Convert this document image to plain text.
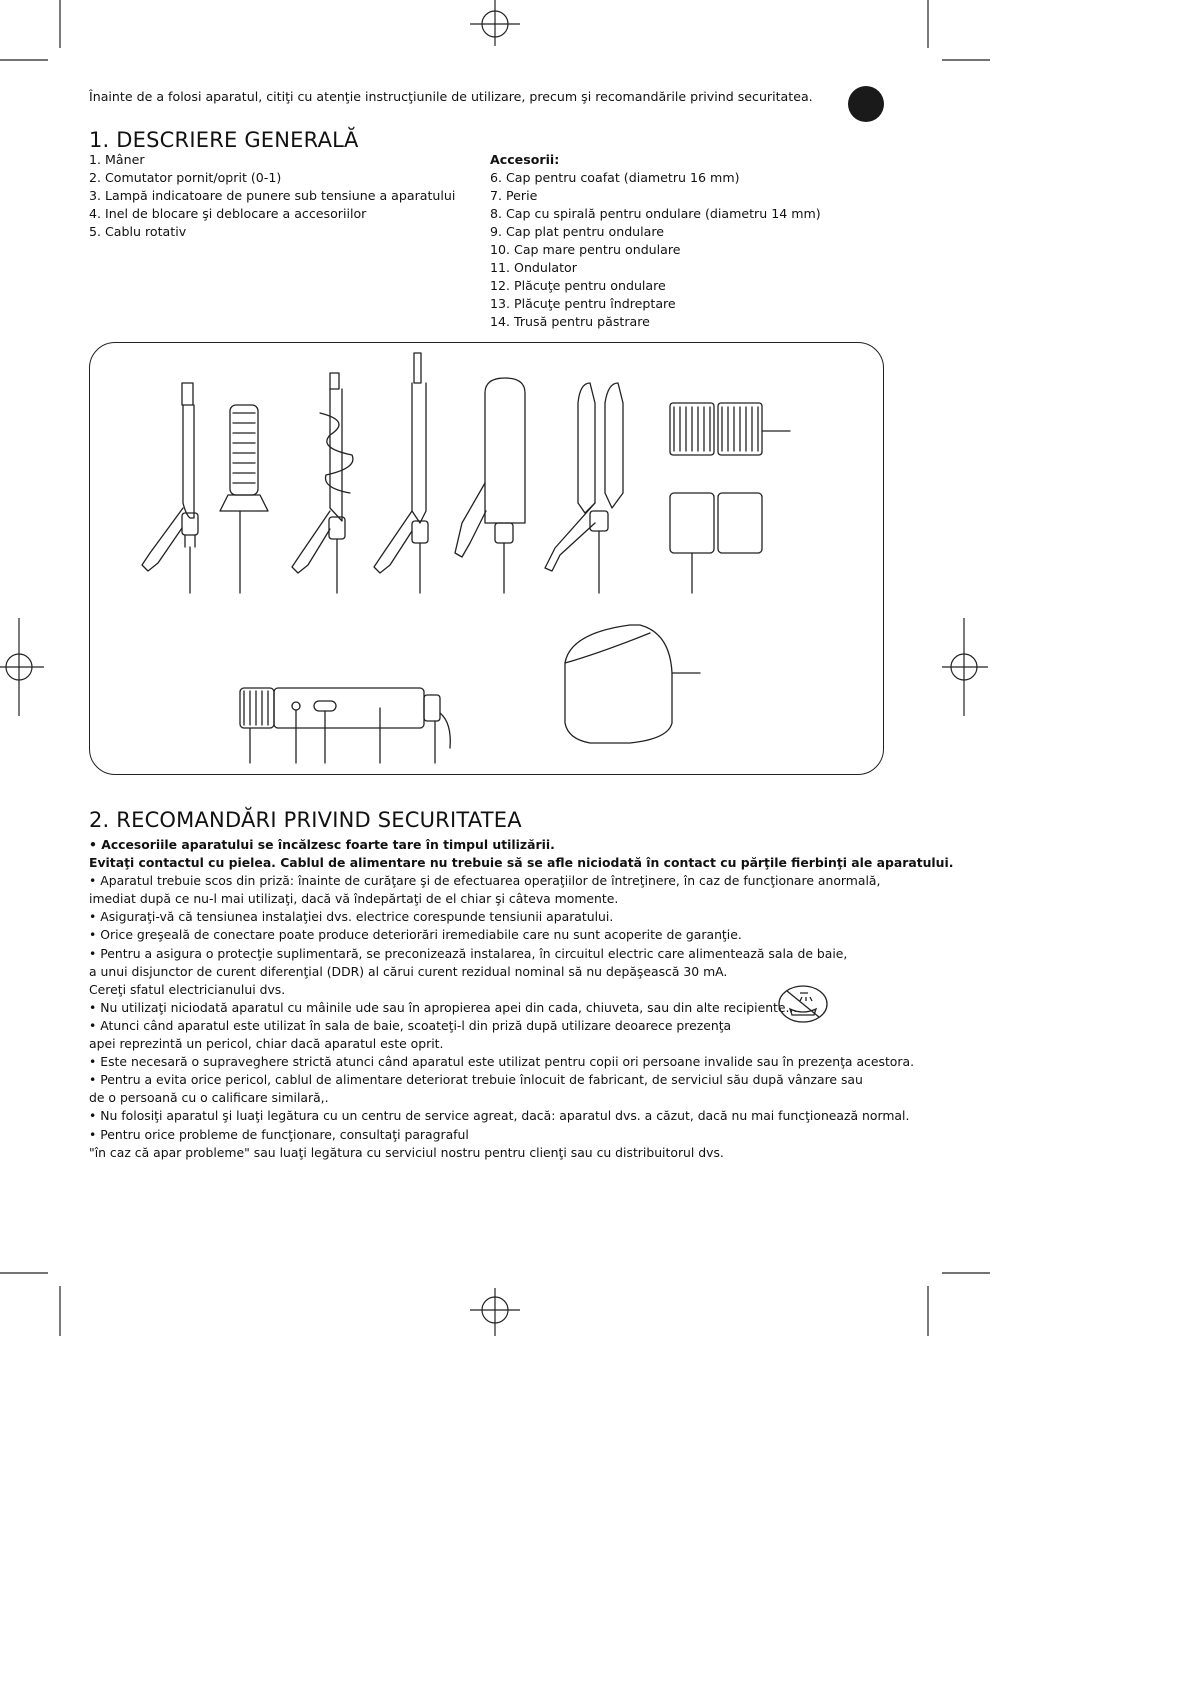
Înainte de a folosi aparatul, citiţi cu atenţie instrucţiunile de utilizare, precum şi recomandările privind securitatea.
1. DESCRIERE GENERALĂ
1. Mâner
2. Comutator pornit/oprit (0-1)
3. Lampă indicatoare de punere sub tensiune a aparatului
4. Inel de blocare şi deblocare a accesoriilor
5. Cablu rotativ
Accesorii:
6. Cap pentru coafat (diametru 16 mm)
7. Perie
8. Cap cu spirală pentru ondulare (diametru 14 mm)
9. Cap plat pentru ondulare
10. Cap mare pentru ondulare
11. Ondulator
12. Plăcuţe pentru ondulare
13. Plăcuţe pentru îndreptare
14. Trusă pentru păstrare
2. RECOMANDĂRI PRIVIND SECURITATEA
• Accesoriile aparatului se încălzesc foarte tare în timpul utilizării.
Evitaţi contactul cu pielea. Cablul de alimentare nu trebuie să se afle niciodată în contact cu părţile fierbinţi ale aparatului.
• Aparatul trebuie scos din priză: înainte de curăţare şi de efectuarea operaţiilor de întreţinere, în caz de funcţionare anormală,
imediat după ce nu-l mai utilizaţi, dacă vă îndepărtaţi de el chiar şi câteva momente.
• Asiguraţi-vă că tensiunea instalaţiei dvs. electrice corespunde tensiunii aparatului.
• Orice greşeală de conectare poate produce deteriorări iremediabile care nu sunt acoperite de garanţie.
• Pentru a asigura o protecţie suplimentară, se preconizează instalarea, în circuitul electric care alimentează sala de baie,
a unui disjunctor de curent diferenţial (DDR) al cărui curent rezidual nominal să nu depăşească 30 mA.
Cereţi sfatul electricianului dvs.
• Nu utilizaţi niciodată aparatul cu mâinile ude sau în apropierea apei din cada, chiuveta, sau din alte recipiente...
• Atunci când aparatul este utilizat în sala de baie, scoateţi-l din priză după utilizare deoarece prezenţa
apei reprezintă un pericol, chiar dacă aparatul este oprit.
• Este necesară o supraveghere strictă atunci când aparatul este utilizat pentru copii ori persoane invalide sau în prezenţa acestora.
• Pentru a evita orice pericol, cablul de alimentare deteriorat trebuie înlocuit de fabricant, de serviciul său după vânzare sau
de o persoană cu o calificare similară,.
• Nu folosiţi aparatul şi luaţi legătura cu un centru de service agreat, dacă: aparatul dvs. a căzut, dacă nu mai funcţionează normal.
• Pentru orice probleme de funcţionare, consultaţi paragraful
"în caz că apar probleme" sau luaţi legătura cu serviciul nostru pentru clienţi sau cu distribuitorul dvs.
